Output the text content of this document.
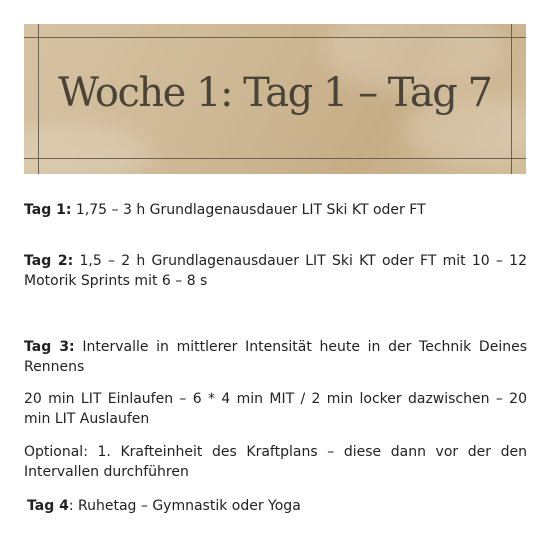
Woche 1: Tag 1 – Tag 7

Tag 1: 1,75 – 3 h Grundlagenausdauer LIT Ski KT oder FT

Tag 2: 1,5 – 2 h Grundlagenausdauer LIT Ski KT oder FT mit 10 – 12 Motorik Sprints mit 6 – 8 s

Tag 3: Intervalle in mittlerer Intensität heute in der Technik Deines Rennens

20 min LIT Einlaufen – 6 * 4 min MIT / 2 min locker dazwischen – 20 min LIT Auslaufen

Optional: 1. Krafteinheit des Kraftplans – diese dann vor der den Intervallen durchführen

Tag 4: Ruhetag – Gymnastik oder Yoga
